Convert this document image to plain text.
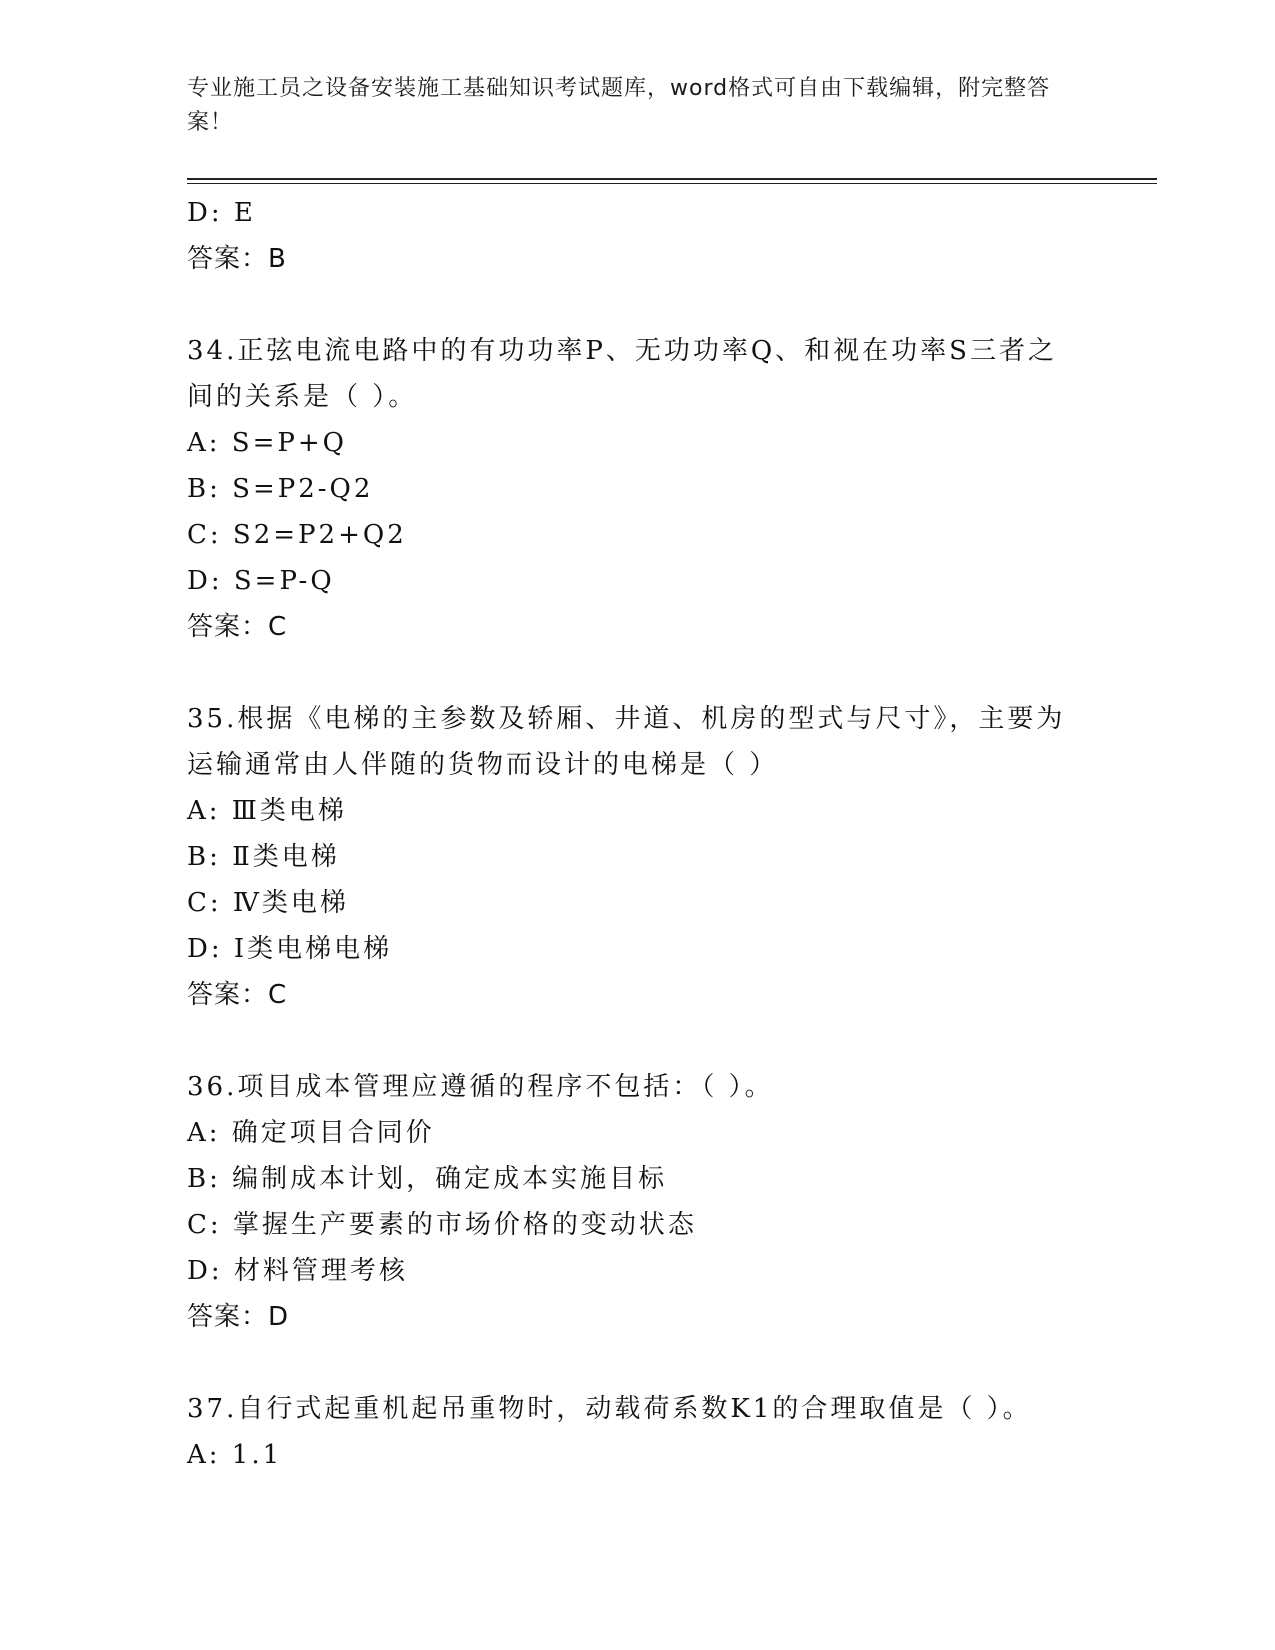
专业施工员之设备安装施工基础知识考试题库，word格式可自由下载编辑，附完整答案！
D: E
答案：B
34.正弦电流电路中的有功功率P、无功功率Q、和视在功率S三者之
间的关系是（ ）。
A: S=P+Q
B: S=P2-Q2
C: S2=P2+Q2
D: S=P-Q
答案：C
35.根据《电梯的主参数及轿厢、井道、机房的型式与尺寸》，主要为
运输通常由人伴随的货物而设计的电梯是（ ）
A: Ⅲ类电梯
B: Ⅱ类电梯
C: Ⅳ类电梯
D: Ⅰ类电梯电梯
答案：C
36.项目成本管理应遵循的程序不包括：（ ）。
A: 确定项目合同价
B: 编制成本计划，确定成本实施目标
C: 掌握生产要素的市场价格的变动状态
D: 材料管理考核
答案：D
37.自行式起重机起吊重物时，动载荷系数K1的合理取值是（ ）。
A: 1.1
